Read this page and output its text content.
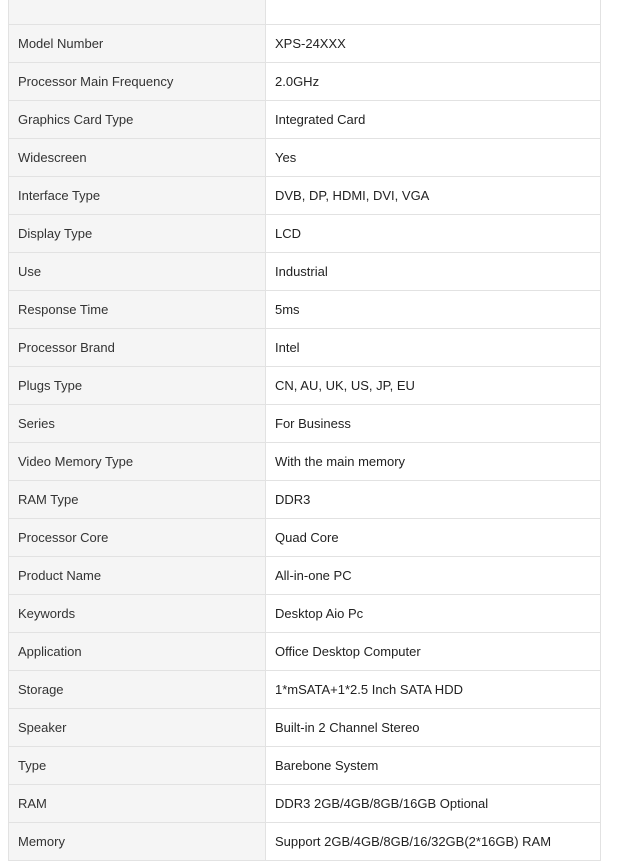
Model Number	XPS-24XXX
Processor Main Frequency	2.0GHz
Graphics Card Type	Integrated Card
Widescreen	Yes
Interface Type	DVB, DP, HDMI, DVI, VGA
Display Type	LCD
Use	Industrial
Response Time	5ms
Processor Brand	Intel
Plugs Type	CN, AU, UK, US, JP, EU
Series	For Business
Video Memory Type	With the main memory
RAM Type	DDR3
Processor Core	Quad Core
Product Name	All-in-one PC
Keywords	Desktop Aio Pc
Application	Office Desktop Computer
Storage	1*mSATA+1*2.5 Inch SATA HDD
Speaker	Built-in 2 Channel Stereo
Type	Barebone System
RAM	DDR3 2GB/4GB/8GB/16GB Optional
Memory	Support 2GB/4GB/8GB/16/32GB(2*16GB) RAM
